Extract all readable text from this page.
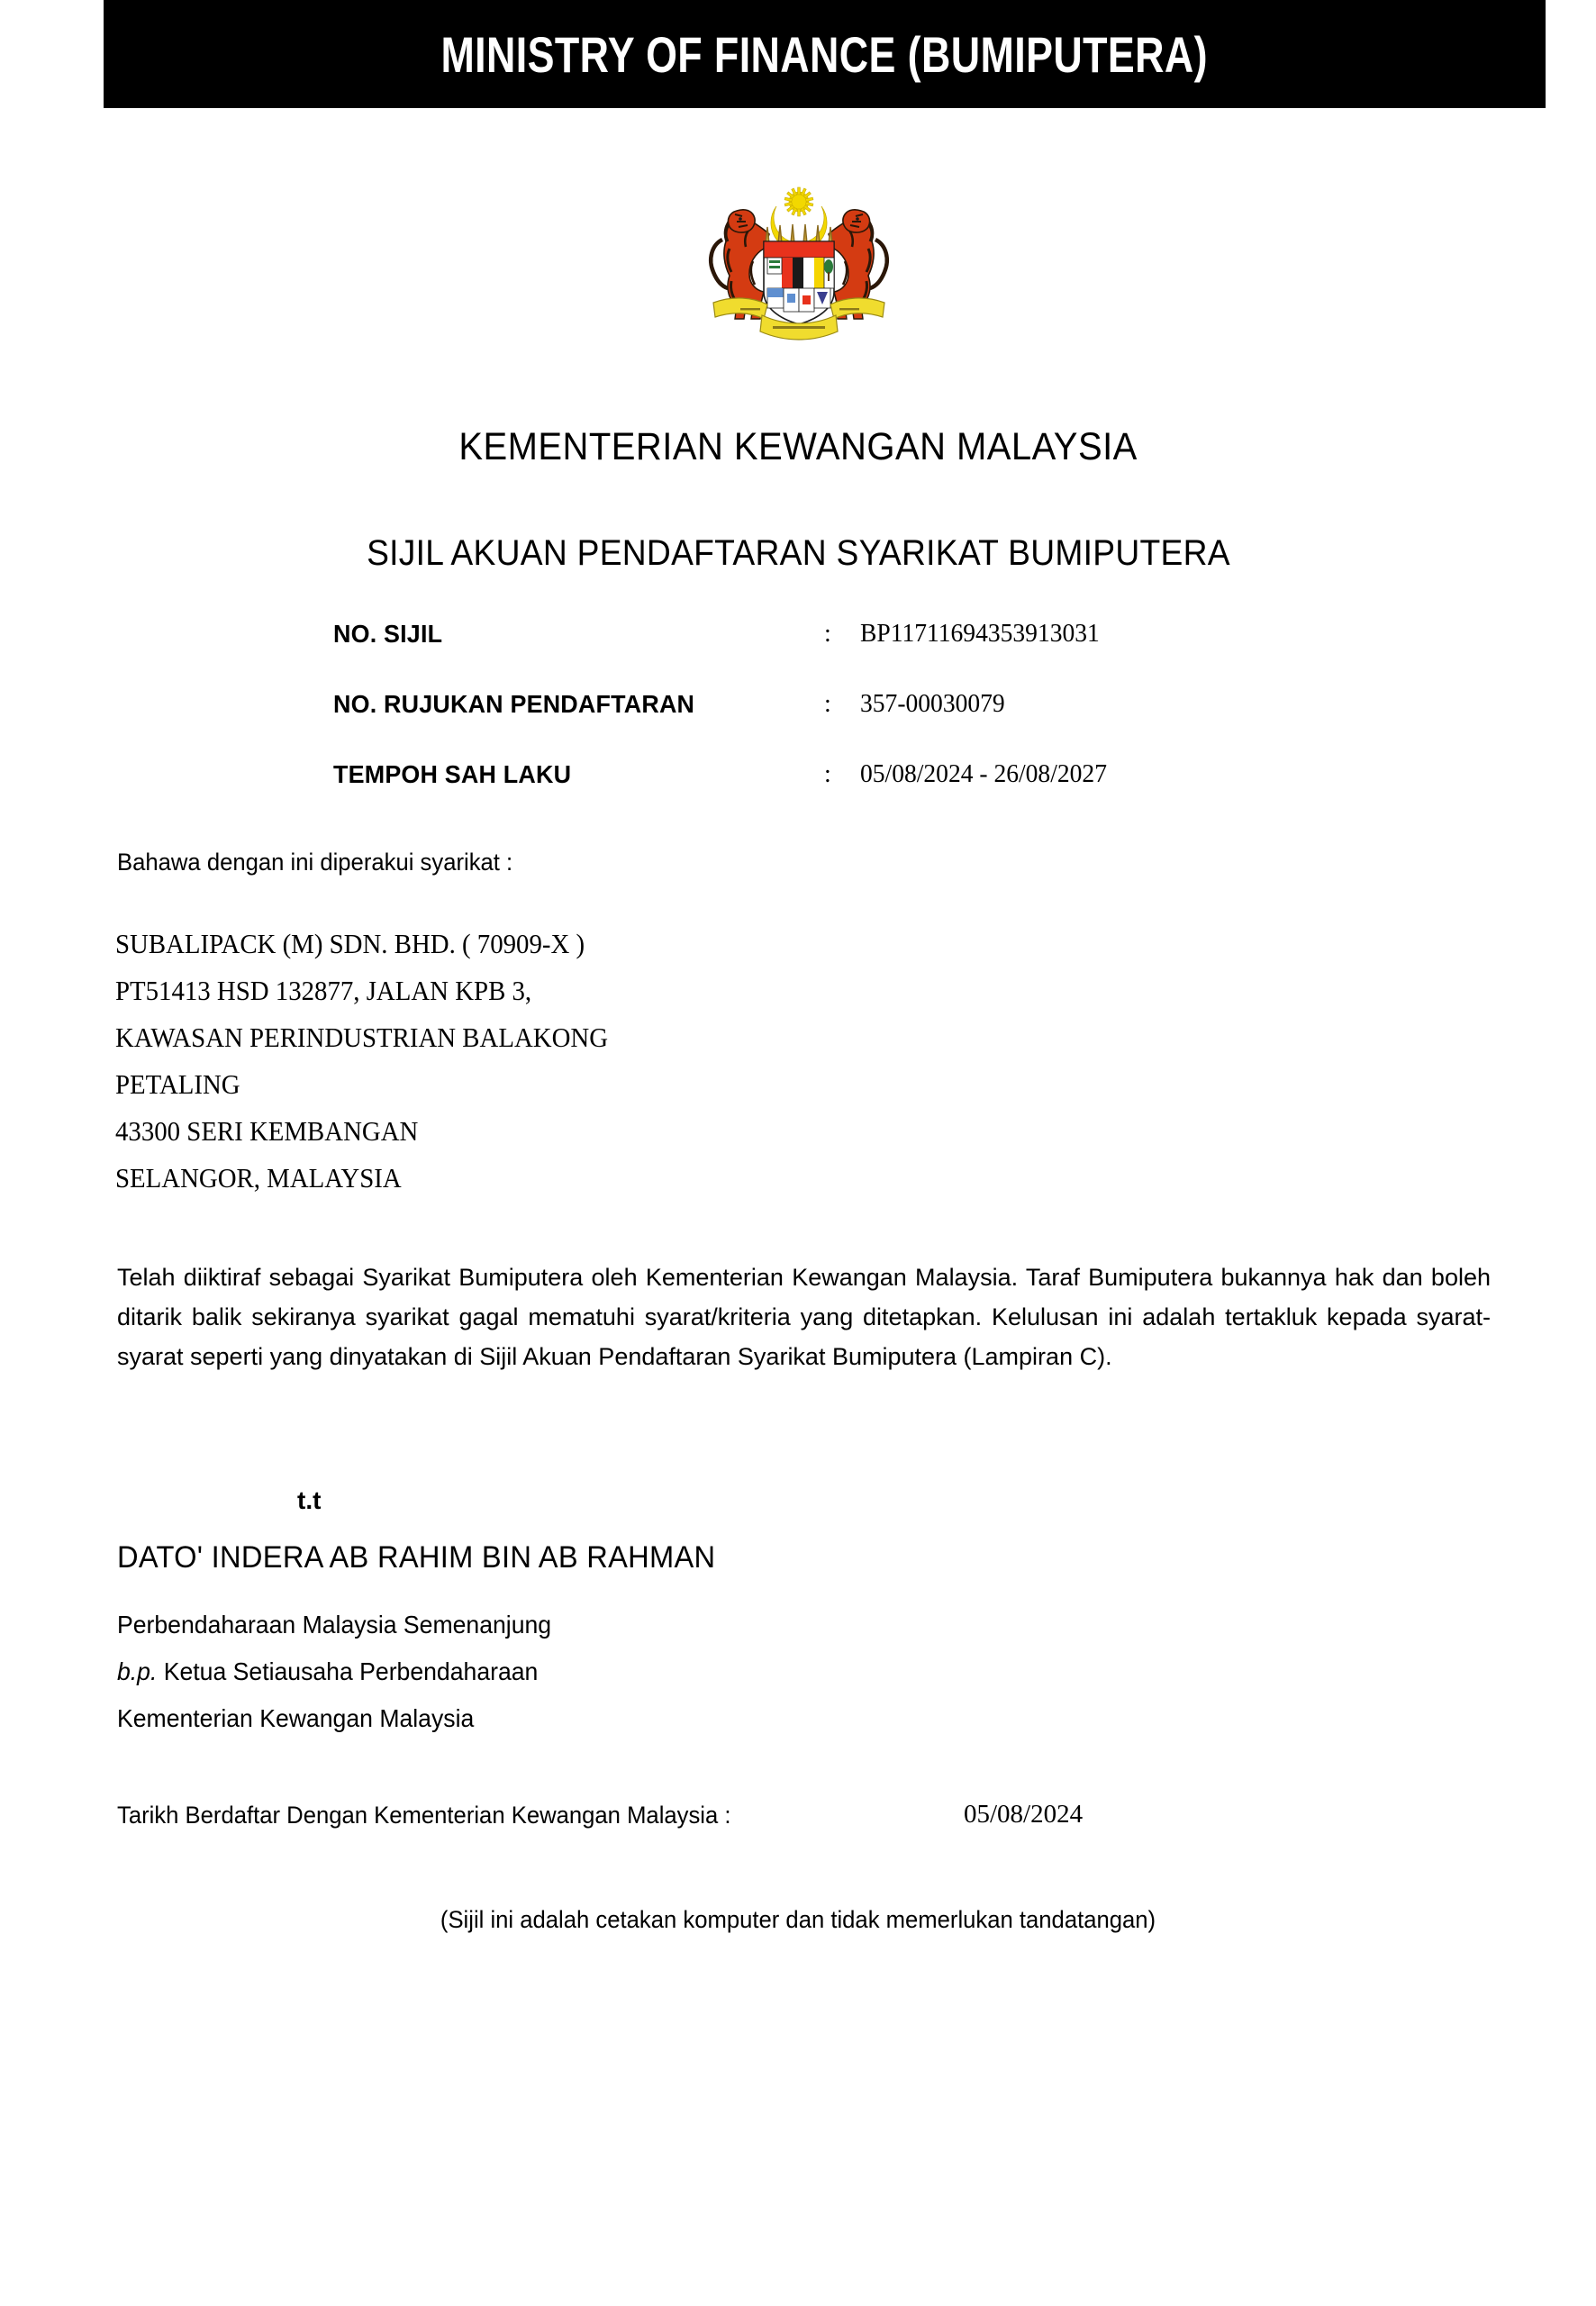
MINISTRY OF FINANCE (BUMIPUTERA)
KEMENTERIAN KEWANGAN MALAYSIA
SIJIL AKUAN PENDAFTARAN SYARIKAT BUMIPUTERA
NO. SIJIL	: BP11711694353913031
NO. RUJUKAN PENDAFTARAN	: 357-00030079
TEMPOH SAH LAKU	: 05/08/2024 - 26/08/2027
Bahawa dengan ini diperakui syarikat :
SUBALIPACK (M) SDN. BHD. ( 70909-X )
PT51413 HSD 132877, JALAN KPB 3,
KAWASAN PERINDUSTRIAN BALAKONG
PETALING
43300 SERI KEMBANGAN
SELANGOR, MALAYSIA
Telah diiktiraf sebagai Syarikat Bumiputera oleh Kementerian Kewangan Malaysia. Taraf Bumiputera bukannya hak dan boleh ditarik balik sekiranya syarikat gagal mematuhi syarat/kriteria yang ditetapkan. Kelulusan ini adalah tertakluk kepada syarat-syarat seperti yang dinyatakan di Sijil Akuan Pendaftaran Syarikat Bumiputera (Lampiran C).
t.t
DATO' INDERA AB RAHIM BIN AB RAHMAN
Perbendaharaan Malaysia Semenanjung
b.p. Ketua Setiausaha Perbendaharaan
Kementerian Kewangan Malaysia
Tarikh Berdaftar Dengan Kementerian Kewangan Malaysia :	05/08/2024
(Sijil ini adalah cetakan komputer dan tidak memerlukan tandatangan)
